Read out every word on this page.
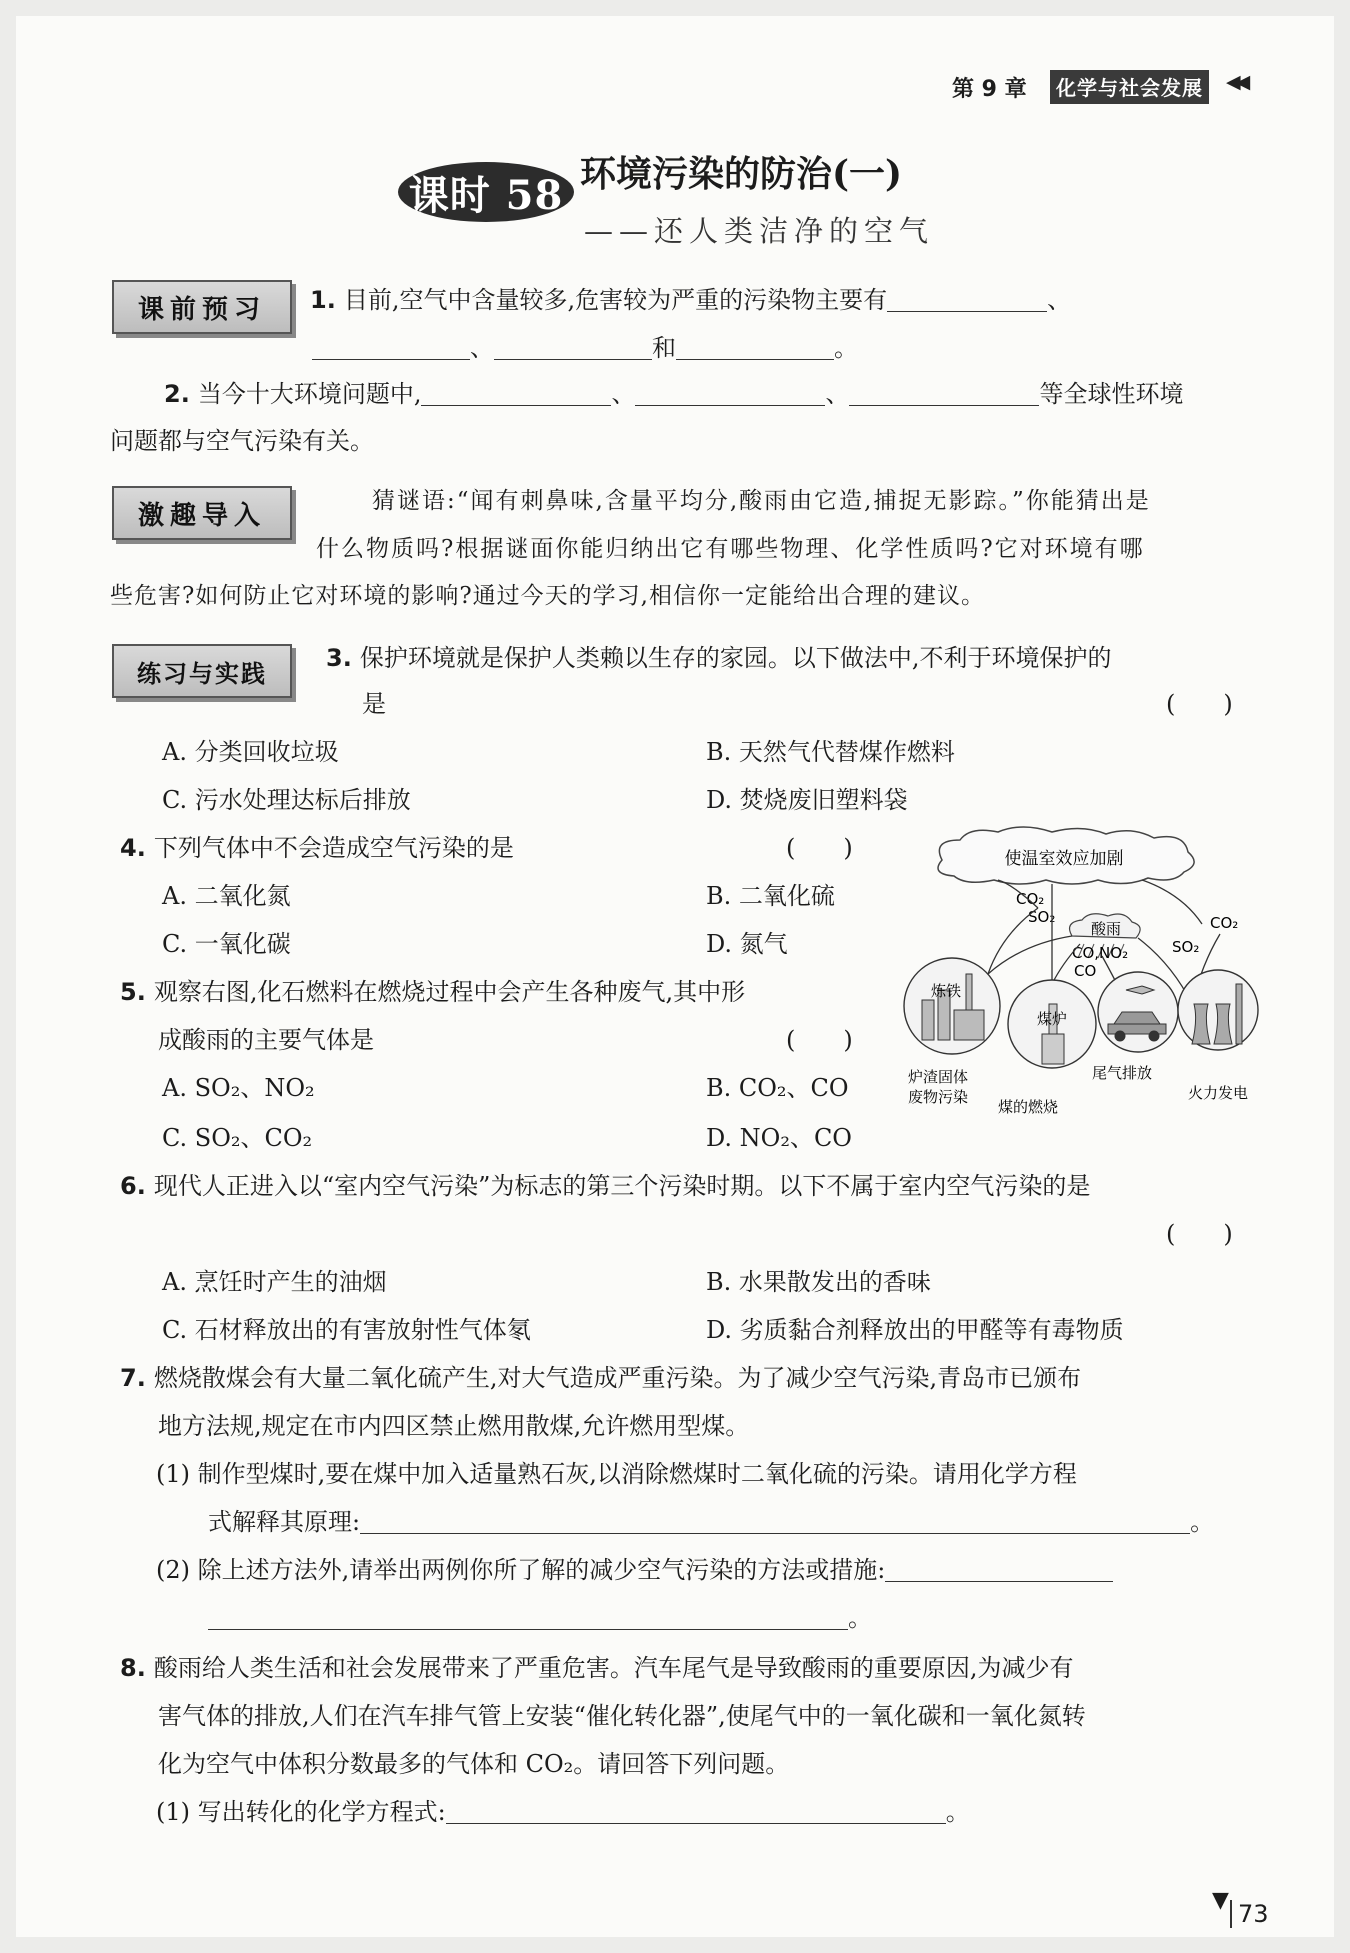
第 9 章	化学与社会发展	◀◀
课时 58 环境污染的防治(一)
——还人类洁净的空气
课前预习	1. 目前,空气中含量较多,危害较为严重的污染物主要有	、
、	和	。
2. 当今十大环境问题中,	、	、	等全球性环境
问题都与空气污染有关。
激趣导入	猜谜语:“闻有刺鼻味,含量平均分,酸雨由它造,捕捉无影踪。”你能猜出是
什么物质吗?根据谜面你能归纳出它有哪些物理、化学性质吗?它对环境有哪
些危害?如何防止它对环境的影响?通过今天的学习,相信你一定能给出合理的建议。
练习与实践
3. 保护环境就是保护人类赖以生存的家园。以下做法中,不利于环境保护的
是	(　　)
A. 分类回收垃圾	B. 天然气代替煤作燃料
C. 污水处理达标后排放	D. 焚烧废旧塑料袋
4. 下列气体中不会造成空气污染的是	(　　)
A. 二氧化氮	B. 二氧化硫
C. 一氧化碳	D. 氮气
5. 观察右图,化石燃料在燃烧过程中会产生各种废气,其中形
成酸雨的主要气体是	(　　)
A. SO₂、NO₂	B. CO₂、CO
C. SO₂、CO₂	D. NO₂、CO
使温室效应加剧
酸雨
CO₂
SO₂	CO₂
SO₂
CO,NO₂
CO
炼铁
煤炉
炉渣固体
废物污染
煤的燃烧
尾气排放
火力发电
6. 现代人正进入以“室内空气污染”为标志的第三个污染时期。以下不属于室内空气污染的是
(　　)
A. 烹饪时产生的油烟	B. 水果散发出的香味
C. 石材释放出的有害放射性气体氡	D. 劣质黏合剂释放出的甲醛等有毒物质
7. 燃烧散煤会有大量二氧化硫产生,对大气造成严重污染。为了减少空气污染,青岛市已颁布
地方法规,规定在市内四区禁止燃用散煤,允许燃用型煤。
(1) 制作型煤时,要在煤中加入适量熟石灰,以消除燃煤时二氧化硫的污染。请用化学方程
式解释其原理:	。
(2) 除上述方法外,请举出两例你所了解的减少空气污染的方法或措施:
。
8. 酸雨给人类生活和社会发展带来了严重危害。汽车尾气是导致酸雨的重要原因,为减少有
害气体的排放,人们在汽车排气管上安装“催化转化器”,使尾气中的一氧化碳和一氧化氮转
化为空气中体积分数最多的气体和 CO₂。请回答下列问题。
(1) 写出转化的化学方程式:	。
▼ 73
